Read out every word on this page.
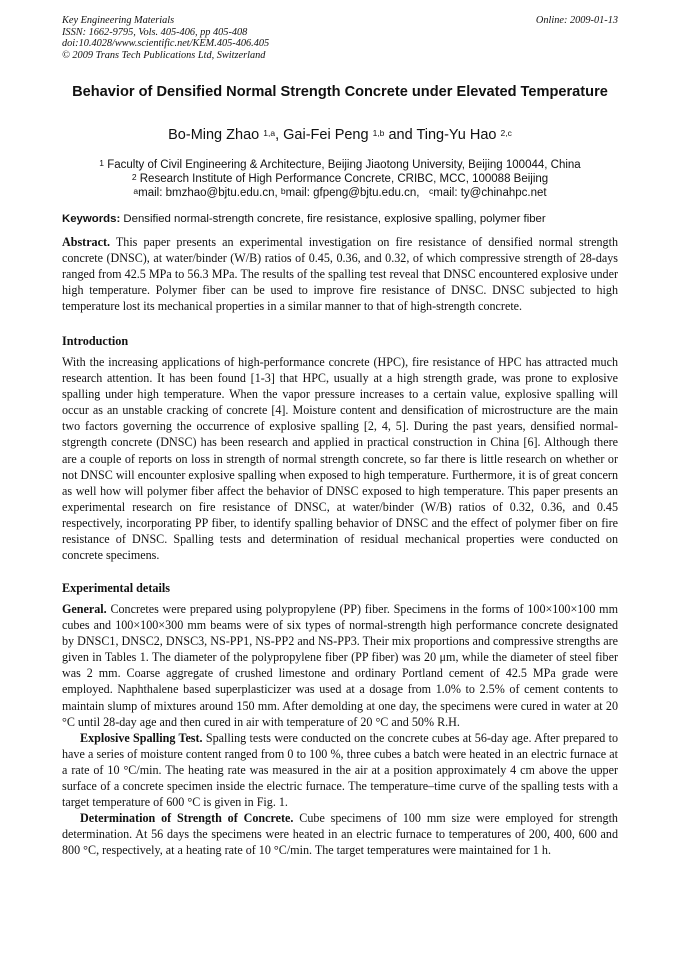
Key Engineering Materials
ISSN: 1662-9795, Vols. 405-406, pp 405-408
doi:10.4028/www.scientific.net/KEM.405-406.405
© 2009 Trans Tech Publications Ltd, Switzerland
Online: 2009-01-13
Behavior of Densified Normal Strength Concrete under Elevated Temperature
Bo-Ming Zhao $^{1,a}$, Gai-Fei Peng $^{1,b}$ and Ting-Yu Hao $^{2,c}$
$^1$ Faculty of Civil Engineering & Architecture, Beijing Jiaotong University, Beijing 100044, China
$^2$ Research Institute of High Performance Concrete, CRIBC, MCC, 100088 Beijing
$^a$mail: bmzhao@bjtu.edu.cn, $^b$mail: gfpeng@bjtu.edu.cn, $^c$mail: ty@chinahpc.net
Keywords: Densified normal-strength concrete, fire resistance, explosive spalling, polymer fiber
Abstract. This paper presents an experimental investigation on fire resistance of densified normal strength concrete (DNSC), at water/binder (W/B) ratios of 0.45, 0.36, and 0.32, of which compressive strength of 28-days ranged from 42.5 MPa to 56.3 MPa. The results of the spalling test reveal that DNSC encountered explosive under high temperature. Polymer fiber can be used to improve fire resistance of DNSC. DNSC subjected to high temperature lost its mechanical properties in a similar manner to that of high-strength concrete.
Introduction
With the increasing applications of high-performance concrete (HPC), fire resistance of HPC has attracted much research attention. It has been found [1-3] that HPC, usually at a high strength grade, was prone to explosive spalling under high temperature. When the vapor pressure increases to a certain value, explosive spalling will occur as an unstable cracking of concrete [4]. Moisture content and densification of microstructure are the main two factors governing the occurrence of explosive spalling [2, 4, 5]. During the past years, densified normal-stgrength concrete (DNSC) has been research and applied in practical construction in China [6]. Although there are a couple of reports on loss in strength of normal strength concrete, so far there is little research on whether or not DNSC will encounter explosive spalling when exposed to high temperature. Furthermore, it is of great concern as well how will polymer fiber affect the behavior of DNSC exposed to high temperature. This paper presents an experimental research on fire resistance of DNSC, at water/binder (W/B) ratios of 0.32, 0.36, and 0.45 respectively, incorporating PP fiber, to identify spalling behavior of DNSC and the effect of polymer fiber on fire resistance of DNSC. Spalling tests and determination of residual mechanical properties were conducted on concrete specimens.
Experimental details

General. Concretes were prepared using polypropylene (PP) fiber. Specimens in the forms of 100×100×100 mm cubes and 100×100×300 mm beams were of six types of normal-strength high performance concrete designated by DNSC1, DNSC2, DNSC3, NS-PP1, NS-PP2 and NS-PP3. Their mix proportions and compressive strengths are given in Tables 1. The diameter of the polypropylene fiber (PP fiber) was 20 μm, while the diameter of steel fiber was 2 mm. Coarse aggregate of crushed limestone and ordinary Portland cement of 42.5 MPa grade were employed. Naphthalene based superplasticizer was used at a dosage from 1.0% to 2.5% of cement contents to maintain slump of mixtures around 150 mm. After demolding at one day, the specimens were cured in water at 20 °C until 28-day age and then cured in air with temperature of 20 °C and 50% R.H.

Explosive Spalling Test. Spalling tests were conducted on the concrete cubes at 56-day age. After prepared to have a series of moisture content ranged from 0 to 100 %, three cubes a batch were heated in an electric furnace at a rate of 10 °C/min. The heating rate was measured in the air at a position approximately 4 cm above the upper surface of a concrete specimen inside the electric furnace. The temperature–time curve of the spalling tests with a target temperature of 600 °C is given in Fig. 1.

Determination of Strength of Concrete. Cube specimens of 100 mm size were employed for strength determination. At 56 days the specimens were heated in an electric furnace to temperatures of 200, 400, 600 and 800 °C, respectively, at a heating rate of 10 °C/min. The target temperatures were maintained for 1 h.
